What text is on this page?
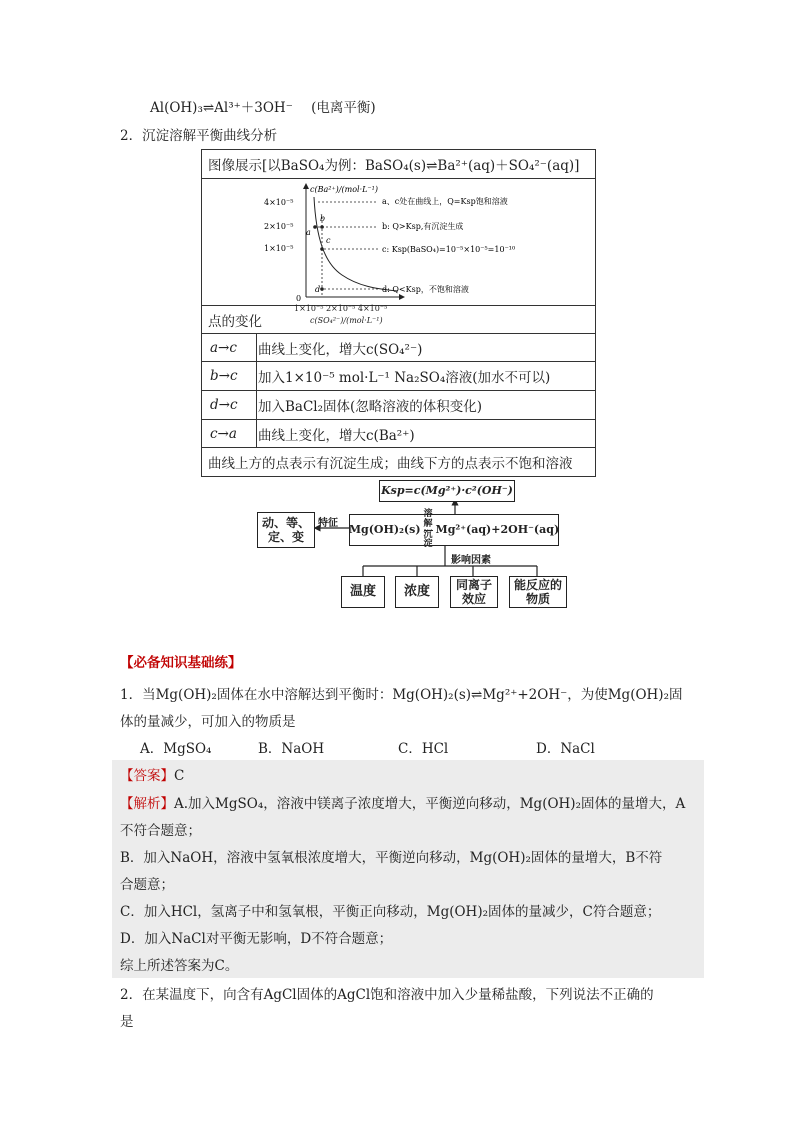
Al(OH)₃⇌Al³⁺＋3OH⁻ (电离平衡)
2．沉淀溶解平衡曲线分析
图像展示[以BaSO₄为例：BaSO₄(s)⇌Ba²⁺(aq)＋SO₄²⁻(aq)]
c(Ba²⁺)/(mol·L⁻¹)
4×10⁻⁵
2×10⁻⁵
1×10⁻⁵
0
a
b
c
d
a、c处在曲线上，Q=Ksp饱和溶液
b: Q>Ksp,有沉淀生成
c: Ksp(BaSO₄)=10⁻⁵×10⁻⁵=10⁻¹⁰
d: Q<Ksp，不饱和溶液
1×10⁻⁵ 2×10⁻⁵ 4×10⁻⁵
c(SO₄²⁻)/(mol·L⁻¹)
点的变化
a→c	曲线上变化，增大c(SO₄²⁻)
b→c	加入1×10⁻⁵ mol·L⁻¹ Na₂SO₄溶液(加水不可以)
d→c	加入BaCl₂固体(忽略溶液的体积变化)
c→a	曲线上变化，增大c(Ba²⁺)
曲线上方的点表示有沉淀生成；曲线下方的点表示不饱和溶液
Ksp=c(Mg²⁺)·c²(OH⁻)
Mg(OH)₂(s)
溶解
沉淀
Mg²⁺(aq)+2OH⁻(aq)
特征
动、等、
定、变
影响因素
温度	浓度	同离子效应
能反应的物质
【必备知识基础练】
1．当Mg(OH)₂固体在水中溶解达到平衡时：Mg(OH)₂(s)⇌Mg²⁺+2OH⁻，为使Mg(OH)₂固
体的量减少，可加入的物质是
A．MgSO₄	B．NaOH	C．HCl	D．NaCl
【答案】C
【解析】A.加入MgSO₄，溶液中镁离子浓度增大，平衡逆向移动，Mg(OH)₂固体的量增大，A
不符合题意；
B．加入NaOH，溶液中氢氧根浓度增大，平衡逆向移动，Mg(OH)₂固体的量增大，B不符
合题意；
C．加入HCl，氢离子中和氢氧根，平衡正向移动，Mg(OH)₂固体的量减少，C符合题意；
D．加入NaCl对平衡无影响，D不符合题意；
综上所述答案为C。
2．在某温度下，向含有AgCl固体的AgCl饱和溶液中加入少量稀盐酸，下列说法不正确的
是
